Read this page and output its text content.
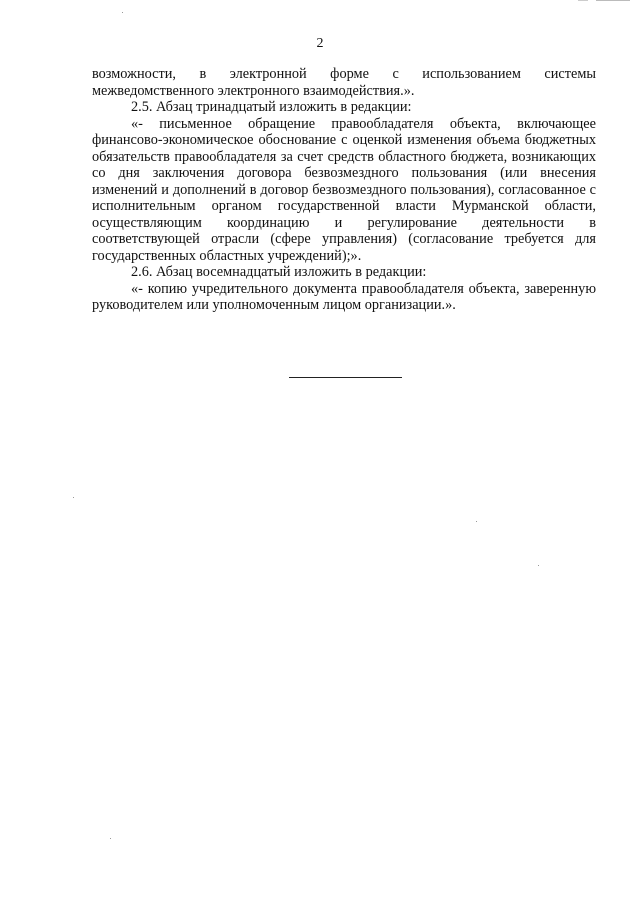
2

возможности, в электронной форме с использованием системы межведомственного электронного взаимодействия.».

2.5. Абзац тринадцатый изложить в редакции:

«- письменное обращение правообладателя объекта, включающее финансово-экономическое обоснование с оценкой изменения объема бюджетных обязательств правообладателя за счет средств областного бюджета, возникающих со дня заключения договора безвозмездного пользования (или внесения изменений и дополнений в договор безвозмездного пользования), согласованное с исполнительным органом государственной власти Мурманской области, осуществляющим координацию и регулирование деятельности в соответствующей отрасли (сфере управления) (согласование требуется для государственных областных учреждений);».

2.6. Абзац восемнадцатый изложить в редакции:

«- копию учредительного документа правообладателя объекта, заверенную руководителем или уполномоченным лицом организации.».
